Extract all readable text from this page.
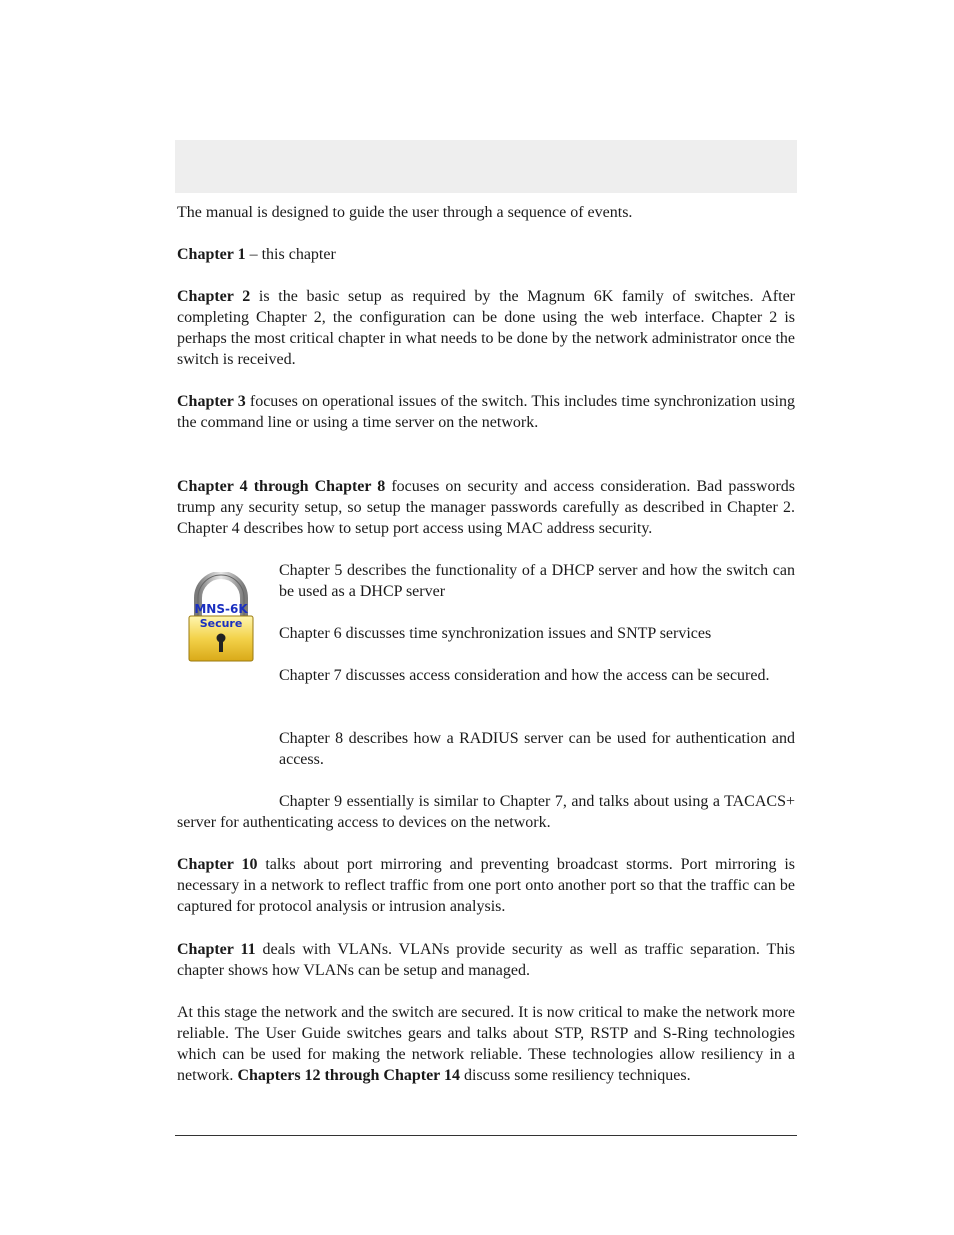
The manual is designed to guide the user through a sequence of events.

Chapter 1 – this chapter

Chapter 2 is the basic setup as required by the Magnum 6K family of switches. After completing Chapter 2, the configuration can be done using the web interface. Chapter 2 is perhaps the most critical chapter in what needs to be done by the network administrator once the switch is received.

Chapter 3 focuses on operational issues of the switch. This includes time synchronization using the command line or using a time server on the network.

Chapter 4 through Chapter 8 focuses on security and access consideration. Bad passwords trump any security setup, so setup the manager passwords carefully as described in Chapter 2. Chapter 4 describes how to setup port access using MAC address security.

MNS-6K
Secure

Chapter 5 describes the functionality of a DHCP server and how the switch can be used as a DHCP server

Chapter 6 discusses time synchronization issues and SNTP services

Chapter 7 discusses access consideration and how the access can be secured.

Chapter 8 describes how a RADIUS server can be used for authentication and access.

Chapter 9 essentially is similar to Chapter 7, and talks about using a TACACS+ server for authenticating access to devices on the network.

Chapter 10 talks about port mirroring and preventing broadcast storms. Port mirroring is necessary in a network to reflect traffic from one port onto another port so that the traffic can be captured for protocol analysis or intrusion analysis.

Chapter 11 deals with VLANs. VLANs provide security as well as traffic separation. This chapter shows how VLANs can be setup and managed.

At this stage the network and the switch are secured. It is now critical to make the network more reliable. The User Guide switches gears and talks about STP, RSTP and S-Ring technologies which can be used for making the network reliable. These technologies allow resiliency in a network. Chapters 12 through Chapter 14 discuss some resiliency techniques.
